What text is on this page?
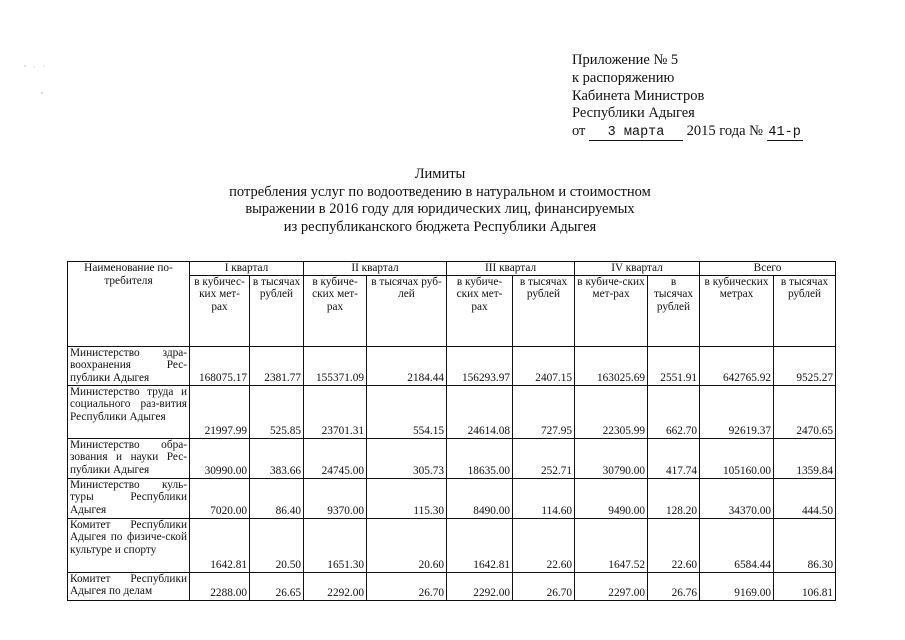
Приложение № 5
к распоряжению
Кабинета Министров
Республики Адыгея
от 3 марта 2015 года № 41-р
Лимиты
потребления услуг по водоотведению в натуральном и стоимостном
выражении в 2016 году для юридических лиц, финансируемых
из республиканского бюджета Республики Адыгея
Наименование по-требителя	I квартал		II квартал		III квартал		IV квартал		Всего	
	в кубичес-ких мет-рах	в тысячах рублей	в кубиче-ских мет-рах	в тысячах руб-лей	в кубиче-ских мет-рах	в тысячах рублей	в кубиче-ских мет-рах	в тысячах рублей	в кубических метрах	в тысячах рублей
Министерство здра-воохранения Рес-публики Адыгея	168075.17	2381.77	155371.09	2184.44	156293.97	2407.15	163025.69	2551.91	642765.92	9525.27
Министерство труда и социального раз-вития Республики Адыгея	21997.99	525.85	23701.31	554.15	24614.08	727.95	22305.99	662.70	92619.37	2470.65
Министерство обра-зования и науки Рес-публики Адыгея	30990.00	383.66	24745.00	305.73	18635.00	252.71	30790.00	417.74	105160.00	1359.84
Министерство куль-туры Республики Адыгея	7020.00	86.40	9370.00	115.30	8490.00	114.60	9490.00	128.20	34370.00	444.50
Комитет Республики Адыгея по физиче-ской культуре и спорту	1642.81	20.50	1651.30	20.60	1642.81	22.60	1647.52	22.60	6584.44	86.30
Комитет Республики Адыгея по делам	2288.00	26.65	2292.00	26.70	2292.00	26.70	2297.00	26.76	9169.00	106.81
